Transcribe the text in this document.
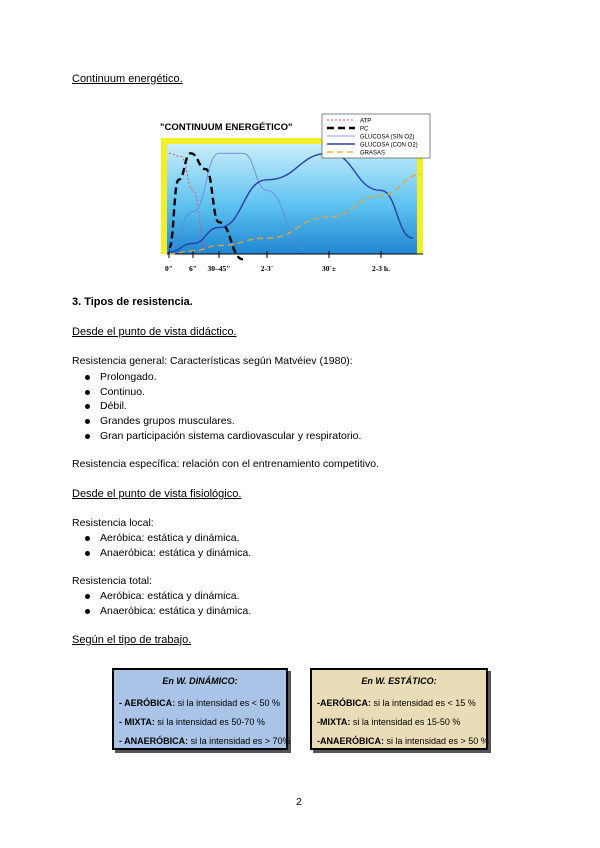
Continuum energético.
0" 6" 30–45"	2-3´	30´±	2-3 h.
"CONTINUUM ENERGÉTICO"
ATP
PC
GLUCOSA (SIN O2)
GLUCOSA (CON O2)
GRASAS
3. Tipos de resistencia.
Desde el punto de vista didáctico.
Resistencia general: Características según Matvéiev (1980):
Prolongado.
Continuo.
Débil.
Grandes grupos musculares.
Gran participación sistema cardiovascular y respiratorio.
Resistencia específica: relación con el entrenamiento competitivo.
Desde el punto de vista fisiológico.
Resistencia local:
Aeróbica: estática y dinámica.
Anaeróbica: estática y dinámica.
Resistencia total:
Aeróbica: estática y dinámica.
Anaeróbica: estática y dinámica.
Según el tipo de trabajo.
En W. DINÁMICO:
- AERÓBICA: si la intensidad es < 50 %
- MIXTA: si la intensidad es 50-70 %
- ANAERÓBICA: si la intensidad es > 70%
En W. ESTÁTICO:
-AERÓBICA: si la intensidad es < 15 %
-MIXTA: si la intensidad es 15-50 %
-ANAERÓBICA: si la intensidad es > 50 %
2
